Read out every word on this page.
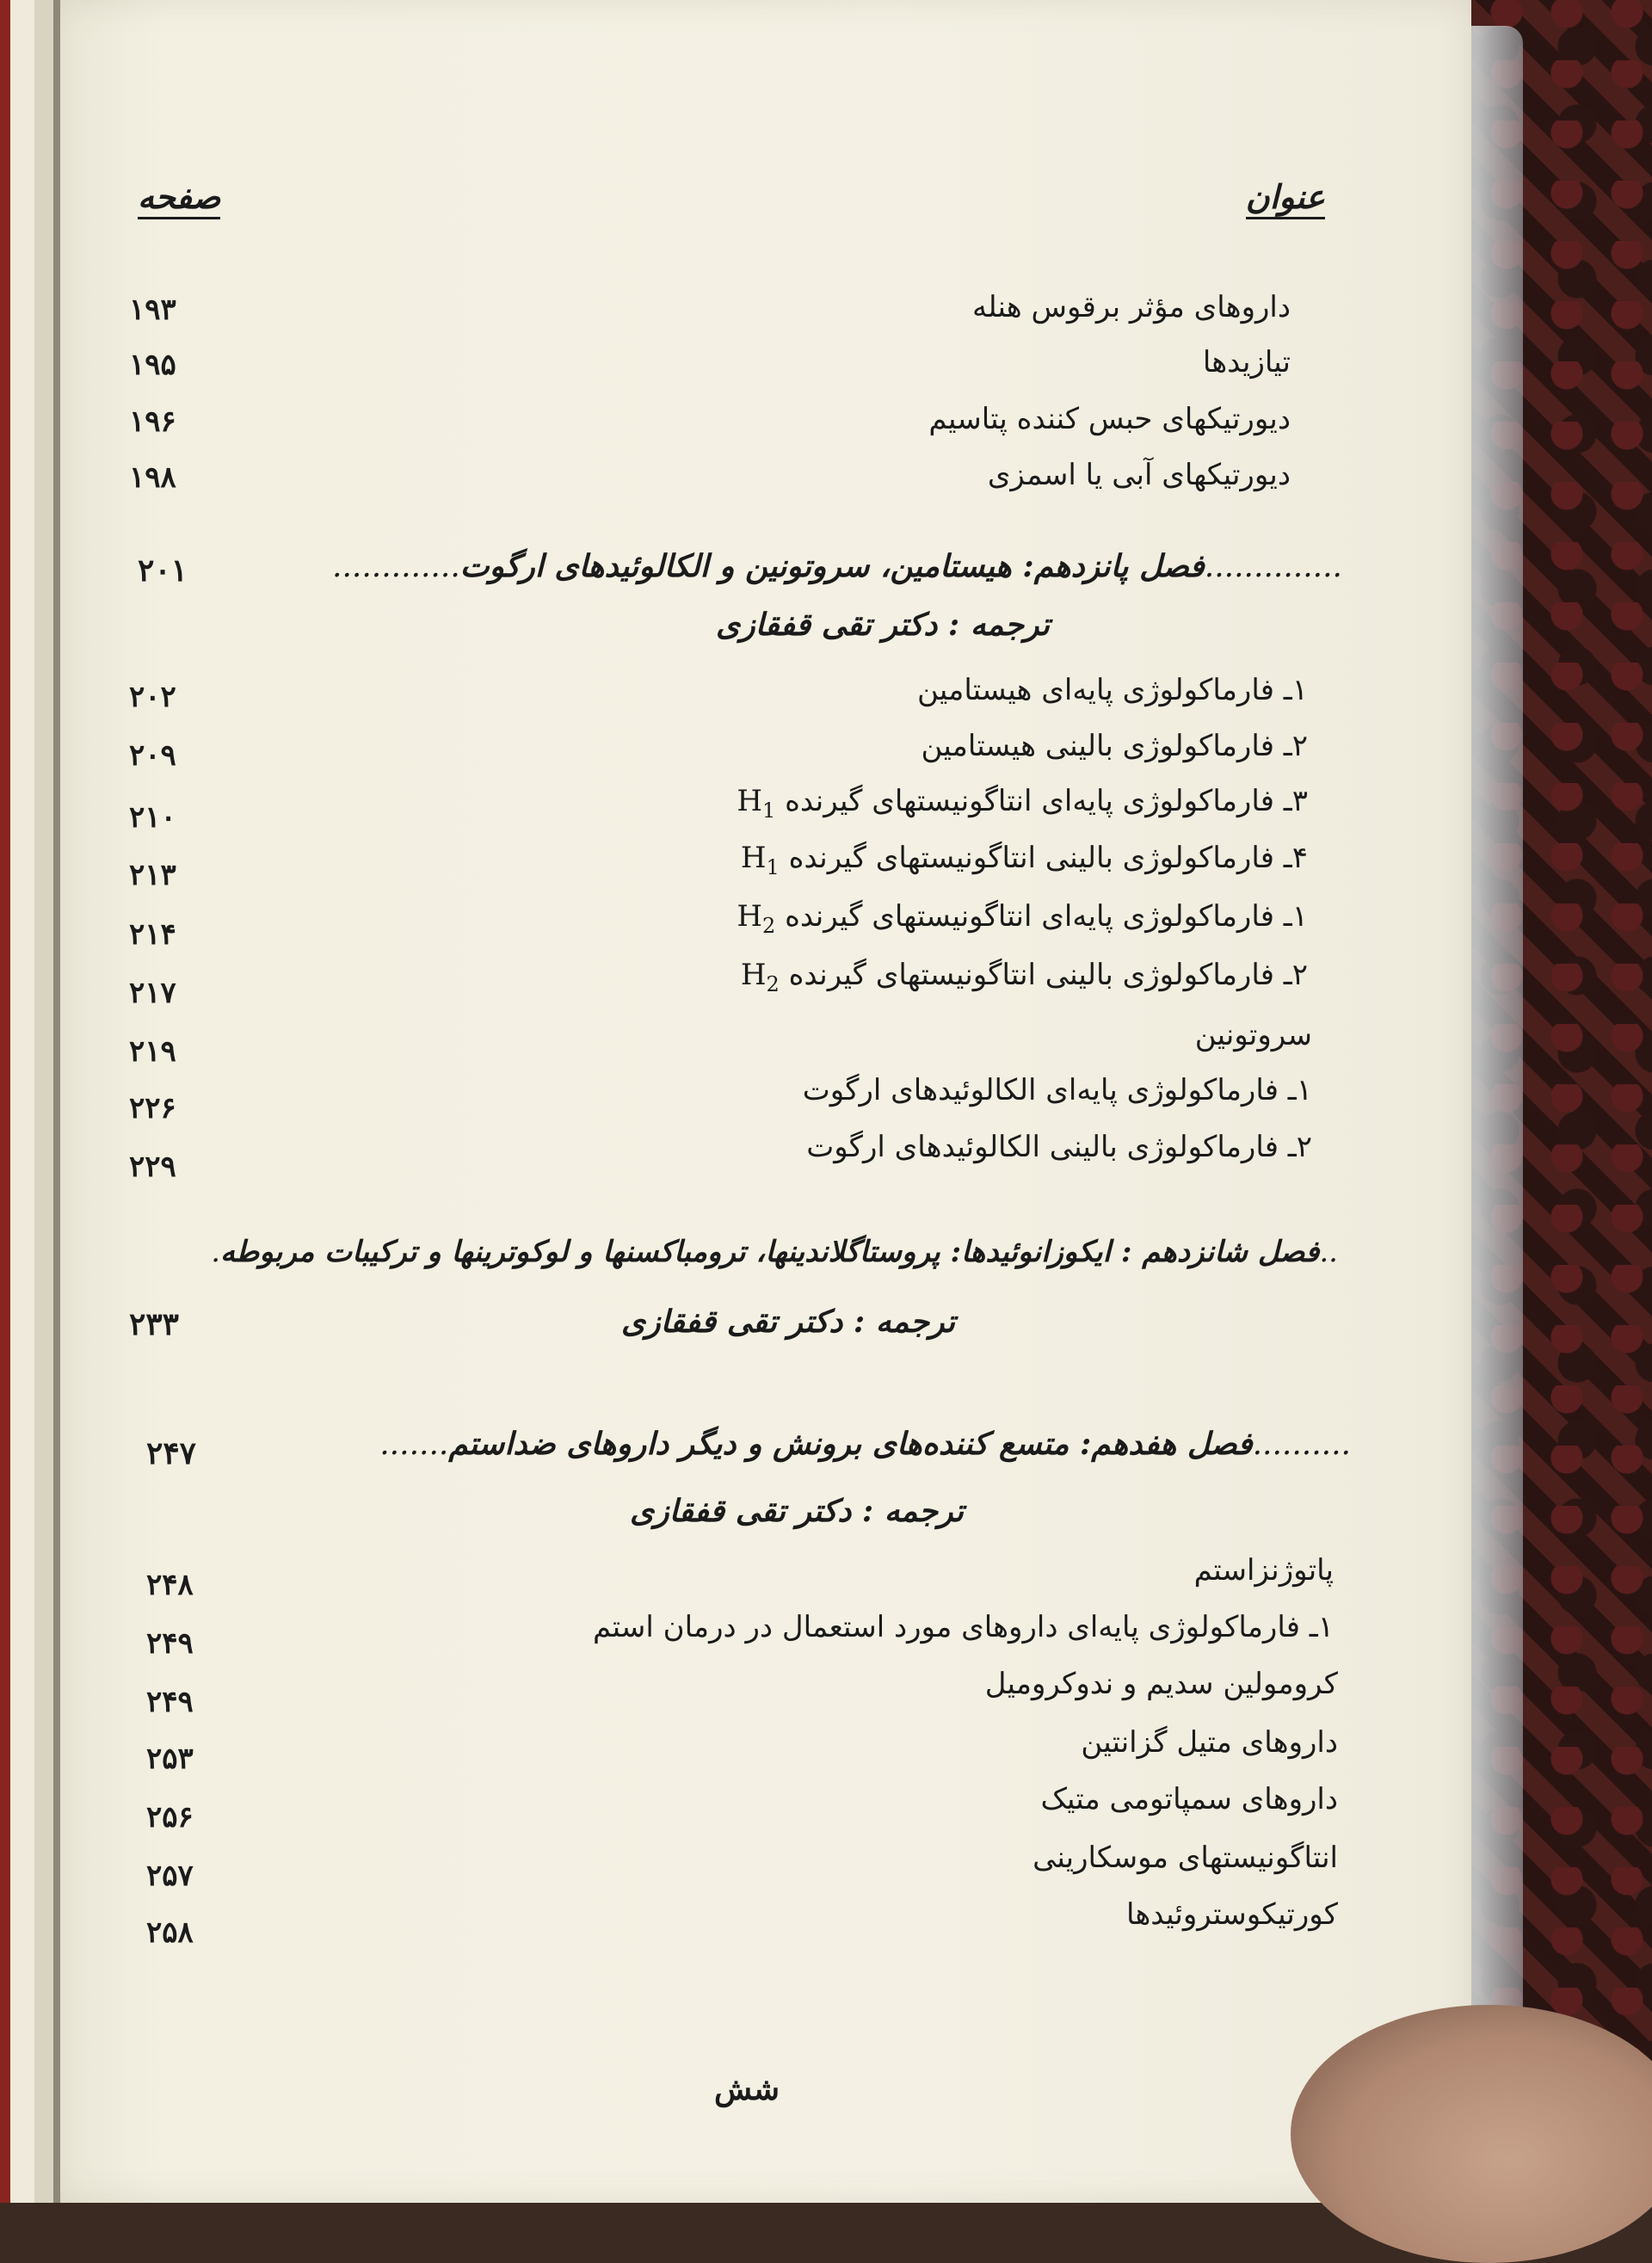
عنوان
صفحه
داروهای مؤثر برقوس هنله
۱۹۳
تیازیدها
۱۹۵
دیورتیکهای حبس کننده پتاسیم
۱۹۶
دیورتیکهای آبی یا اسمزی
۱۹۸
..............فصل پانزدهم: هیستامین، سروتونین و الکالوئیدهای ارگوت.............
۲۰۱
ترجمه : دکتر تقی قفقازی
۱ـ فارماکولوژی پایه‌ای هیستامین
۲۰۲
۲ـ فارماکولوژی بالینی هیستامین
۲۰۹
۳ـ فارماکولوژی پایه‌ای انتاگونیستهای گیرنده $H_1$
۲۱۰
۴ـ فارماکولوژی بالینی انتاگونیستهای گیرنده $H_1$
۲۱۳
۱ـ فارماکولوژی پایه‌ای انتاگونیستهای گیرنده $H_2$
۲۱۴
۲ـ فارماکولوژی بالینی انتاگونیستهای گیرنده $H_2$
۲۱۷
سروتونین
۲۱۹
۱ـ فارماکولوژی پایه‌ای الکالوئیدهای ارگوت
۲۲۶
۲ـ فارماکولوژی بالینی الکالوئیدهای ارگوت
۲۲۹
..فصل شانزدهم : ایکوزانوئیدها: پروستاگلاندینها، ترومباکسنها و لوکوترینها و ترکیبات مربوطه.
۲۳۳	ترجمه : دکتر تقی قفقازی
..........فصل هفدهم: متسع کننده‌های برونش و دیگر داروهای ضداستم.......
۲۴۷
ترجمه : دکتر تقی قفقازی
پاتوژنزاستم
۲۴۸
۱ـ فارماکولوژی پایه‌ای داروهای مورد استعمال در درمان استم
۲۴۹
کرومولین سدیم و ندوکرومیل
۲۴۹
داروهای متیل گزانتین
۲۵۳
داروهای سمپاتومی متیک
۲۵۶
انتاگونیستهای موسکارینی
۲۵۷
کورتیکوستروئیدها
۲۵۸
شش
